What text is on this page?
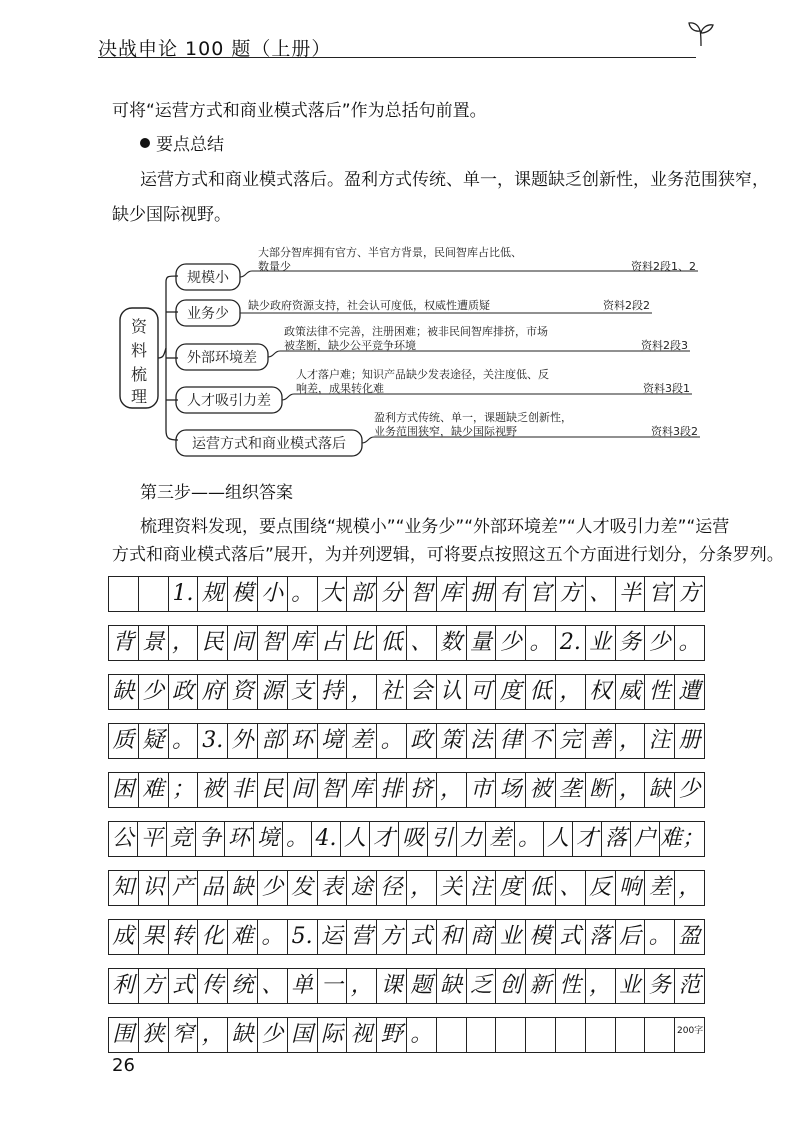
决战申论 100 题（上册）
可将“运营方式和商业模式落后”作为总括句前置。
要点总结
运营方式和商业模式落后。盈利方式传统、单一，课题缺乏创新性，业务范围狭窄，
缺少国际视野。
资
料
梳
理
规模小
大部分智库拥有官方、半官方背景，民间智库占比低、
数量少	资料2段1、2
业务少
缺少政府资源支持，社会认可度低，权威性遭质疑	资料2段2
外部环境差
政策法律不完善，注册困难；被非民间智库排挤，市场
被垄断，缺少公平竞争环境	资料2段3
人才吸引力差
人才落户难；知识产品缺少发表途径，关注度低、反
响差，成果转化难	资料3段1
运营方式和商业模式落后
盈利方式传统、单一，课题缺乏创新性，
业务范围狭窄，缺少国际视野	资料3段2
第三步——组织答案
梳理资料发现，要点围绕“规模小”“业务少”“外部环境差”“人才吸引力差”“运营
方式和商业模式落后”展开，为并列逻辑，可将要点按照这五个方面进行划分，分条罗列。
1. 规 模 小 。 大 部 分 智 库 拥 有 官 方 、 半 官 方
背 景 ， 民 间 智 库 占 比 低 、 数 量 少 。 2. 业 务 少 。
缺 少 政 府 资 源 支 持 ， 社 会 认 可 度 低 ， 权 威 性 遭
质 疑 。 3. 外 部 环 境 差 。 政 策 法 律 不 完 善 ， 注 册
困 难 ； 被 非 民 间 智 库 排 挤 ， 市 场 被 垄 断 ， 缺 少
公 平 竞 争 环 境 。 4. 人 才 吸 引 力 差 。 人 才 落 户 难；
知 识 产 品 缺 少 发 表 途 径 ， 关 注 度 低 、 反 响 差 ，
成 果 转 化 难 。 5. 运 营 方 式 和 商 业 模 式 落 后 。 盈
利 方 式 传 统 、 单 一 ， 课 题 缺 乏 创 新 性 ， 业 务 范
围 狭 窄 ， 缺 少 国 际 视 野 。	200字
26
